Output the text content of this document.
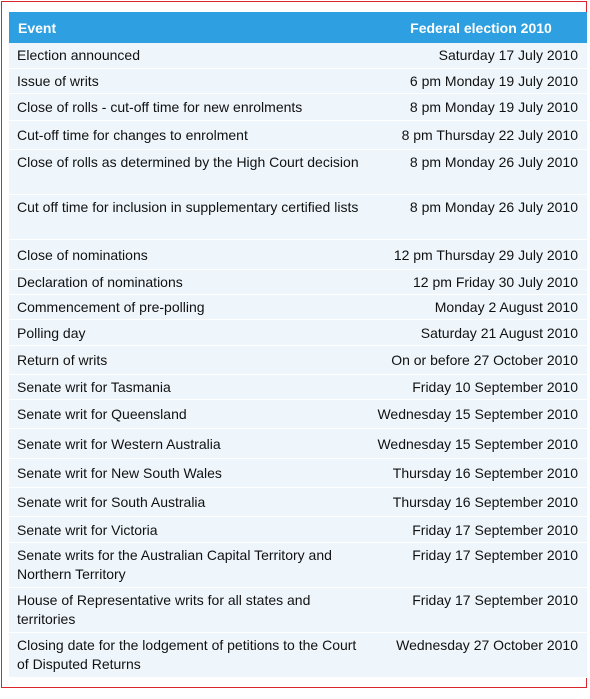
Event	Federal election 2010
Election announced	Saturday 17 July 2010
Issue of writs	6 pm Monday 19 July 2010
Close of rolls - cut-off time for new enrolments	8 pm Monday 19 July 2010
Cut-off time for changes to enrolment	8 pm Thursday 22 July 2010
Close of rolls as determined by the High Court decision	8 pm Monday 26 July 2010
Cut off time for inclusion in supplementary certified lists	8 pm Monday 26 July 2010
Close of nominations	12 pm Thursday 29 July 2010
Declaration of nominations	12 pm Friday 30 July 2010
Commencement of pre-polling	Monday 2 August 2010
Polling day	Saturday 21 August 2010
Return of writs	On or before 27 October 2010
Senate writ for Tasmania	Friday 10 September 2010
Senate writ for Queensland	Wednesday 15 September 2010
Senate writ for Western Australia	Wednesday 15 September 2010
Senate writ for New South Wales	Thursday 16 September 2010
Senate writ for South Australia	Thursday 16 September 2010
Senate writ for Victoria	Friday 17 September 2010
Senate writs for the Australian Capital Territory and Northern Territory	Friday 17 September 2010
House of Representative writs for all states and territories	Friday 17 September 2010
Closing date for the lodgement of petitions to the Court of Disputed Returns	Wednesday 27 October 2010
